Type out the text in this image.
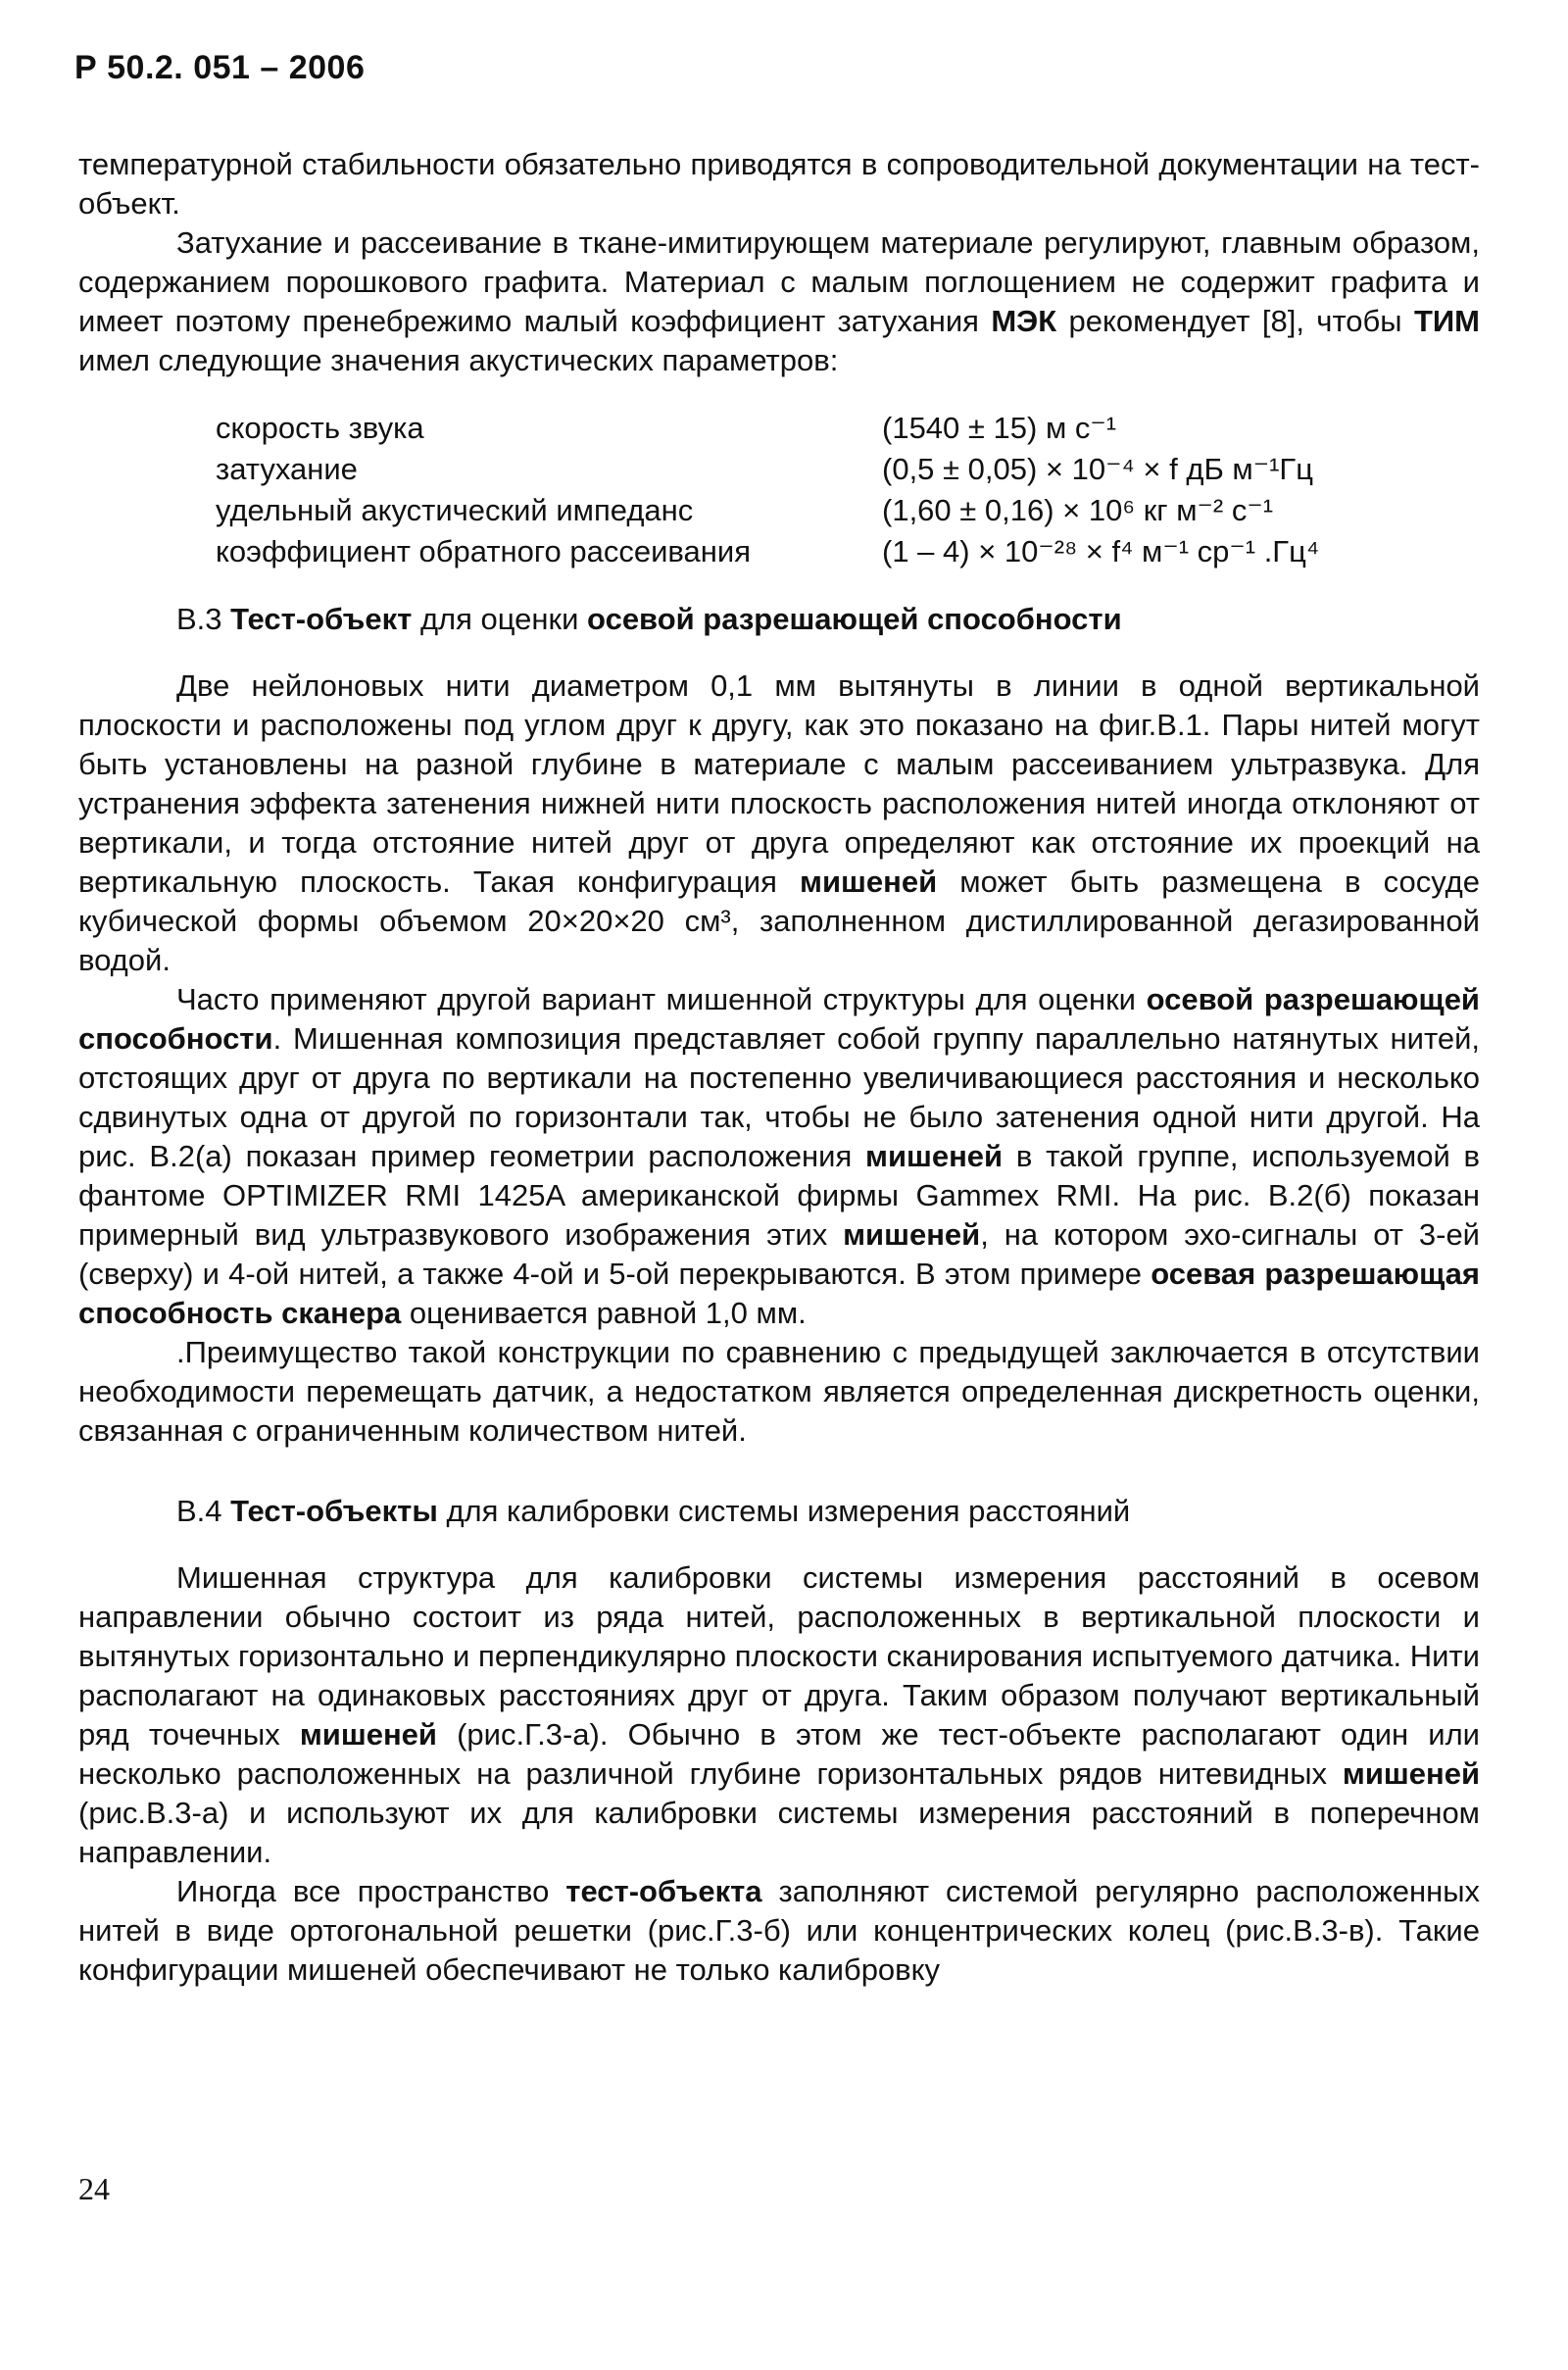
Р 50.2. 051 – 2006

температурной стабильности обязательно приводятся в сопроводительной документации на тест-объект.

Затухание и рассеивание в ткане-имитирующем материале регулируют, главным образом, содержанием порошкового графита. Материал с малым поглощением не содержит графита и имеет поэтому пренебрежимо малый коэффициент затухания МЭК рекомендует [8], чтобы ТИМ имел следующие значения акустических параметров:

скорость звука	(1540 ± 15) м с⁻¹
затухание	(0,5 ± 0,05) × 10⁻⁴ × f дБ м⁻¹Гц
удельный акустический импеданс	(1,60 ± 0,16) × 10⁶ кг м⁻² с⁻¹
коэффициент обратного рассеивания	(1 – 4) × 10⁻²⁸ × f⁴ м⁻¹ ср⁻¹ .Гц⁴
В.3 Тест-объект для оценки осевой разрешающей способности

Две нейлоновых нити диаметром 0,1 мм вытянуты в линии в одной вертикальной плоскости и расположены под углом друг к другу, как это показано на фиг.В.1. Пары нитей могут быть установлены на разной глубине в материале с малым рассеиванием ультразвука. Для устранения эффекта затенения нижней нити плоскость расположения нитей иногда отклоняют от вертикали, и тогда отстояние нитей друг от друга определяют как отстояние их проекций на вертикальную плоскость. Такая конфигурация мишеней может быть размещена в сосуде кубической формы объемом 20×20×20 см³, заполненном дистиллированной дегазированной водой.

Часто применяют другой вариант мишенной структуры для оценки осевой разрешающей способности. Мишенная композиция представляет собой группу параллельно натянутых нитей, отстоящих друг от друга по вертикали на постепенно увеличивающиеся расстояния и несколько сдвинутых одна от другой по горизонтали так, чтобы не было затенения одной нити другой. На рис. В.2(а) показан пример геометрии расположения мишеней в такой группе, используемой в фантоме OPTIMIZER RMI 1425A американской фирмы Gammex RMI. На рис. В.2(б) показан примерный вид ультразвукового изображения этих мишеней, на котором эхо-сигналы от 3-ей (сверху) и 4-ой нитей, а также 4-ой и 5-ой перекрываются. В этом примере осевая разрешающая способность сканера оценивается равной 1,0 мм.

.Преимущество такой конструкции по сравнению с предыдущей заключается в отсутствии необходимости перемещать датчик, а недостатком является определенная дискретность оценки, связанная с ограниченным количеством нитей.

В.4 Тест-объекты для калибровки системы измерения расстояний

Мишенная структура для калибровки системы измерения расстояний в осевом направлении обычно состоит из ряда нитей, расположенных в вертикальной плоскости и вытянутых горизонтально и перпендикулярно плоскости сканирования испытуемого датчика. Нити располагают на одинаковых расстояниях друг от друга. Таким образом получают вертикальный ряд точечных мишеней (рис.Г.3-а). Обычно в этом же тест-объекте располагают один или несколько расположенных на различной глубине горизонтальных рядов нитевидных мишеней (рис.В.3-а) и используют их для калибровки системы измерения расстояний в поперечном направлении.

Иногда все пространство тест-объекта заполняют системой регулярно расположенных нитей в виде ортогональной решетки (рис.Г.3-б) или концентрических колец (рис.В.3-в). Такие конфигурации мишеней обеспечивают не только калибровку

24
